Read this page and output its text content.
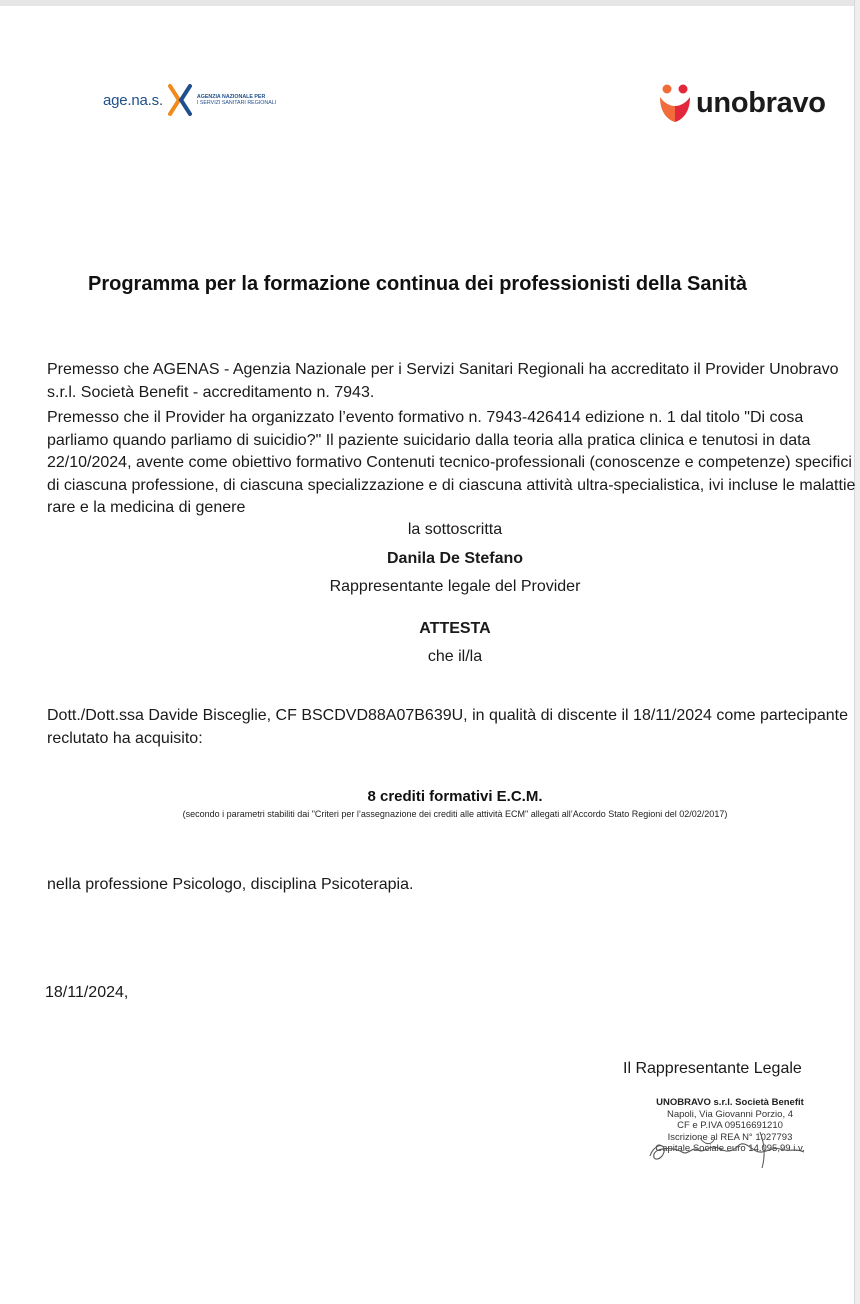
age.na.s.	AGENZIA NAZIONALE PER
I SERVIZI SANITARI REGIONALI	unobravo
Programma per la formazione continua dei professionisti della Sanità
Premesso che AGENAS - Agenzia Nazionale per i Servizi Sanitari Regionali ha accreditato il Provider Unobravo s.r.l. Società Benefit - accreditamento n. 7943.
Premesso che il Provider ha organizzato l’evento formativo n. 7943-426414 edizione n. 1 dal titolo "Di cosa parliamo quando parliamo di suicidio?" Il paziente suicidario dalla teoria alla pratica clinica e tenutosi in data 22/10/2024, avente come obiettivo formativo Contenuti tecnico-professionali (conoscenze e competenze) specifici di ciascuna professione, di ciascuna specializzazione e di ciascuna attività ultra-specialistica, ivi incluse le malattie rare e la medicina di genere
la sottoscritta
Danila De Stefano
Rappresentante legale del Provider
ATTESTA
che il/la
Dott./Dott.ssa Davide Bisceglie, CF BSCDVD88A07B639U, in qualità di discente il 18/11/2024 come partecipante reclutato ha acquisito:
8 crediti formativi E.C.M.
(secondo i parametri stabiliti dai "Criteri per l’assegnazione dei crediti alle attività ECM" allegati all’Accordo Stato Regioni del 02/02/2017)
nella professione Psicologo, disciplina Psicoterapia.
18/11/2024,
Il Rappresentante Legale
UNOBRAVO s.r.l. Società Benefit
Napoli, Via Giovanni Porzio, 4
CF e P.IVA 09516691210
Iscrizione al REA N° 1027793
Capitale Sociale euro 14.095,99 i.v.
